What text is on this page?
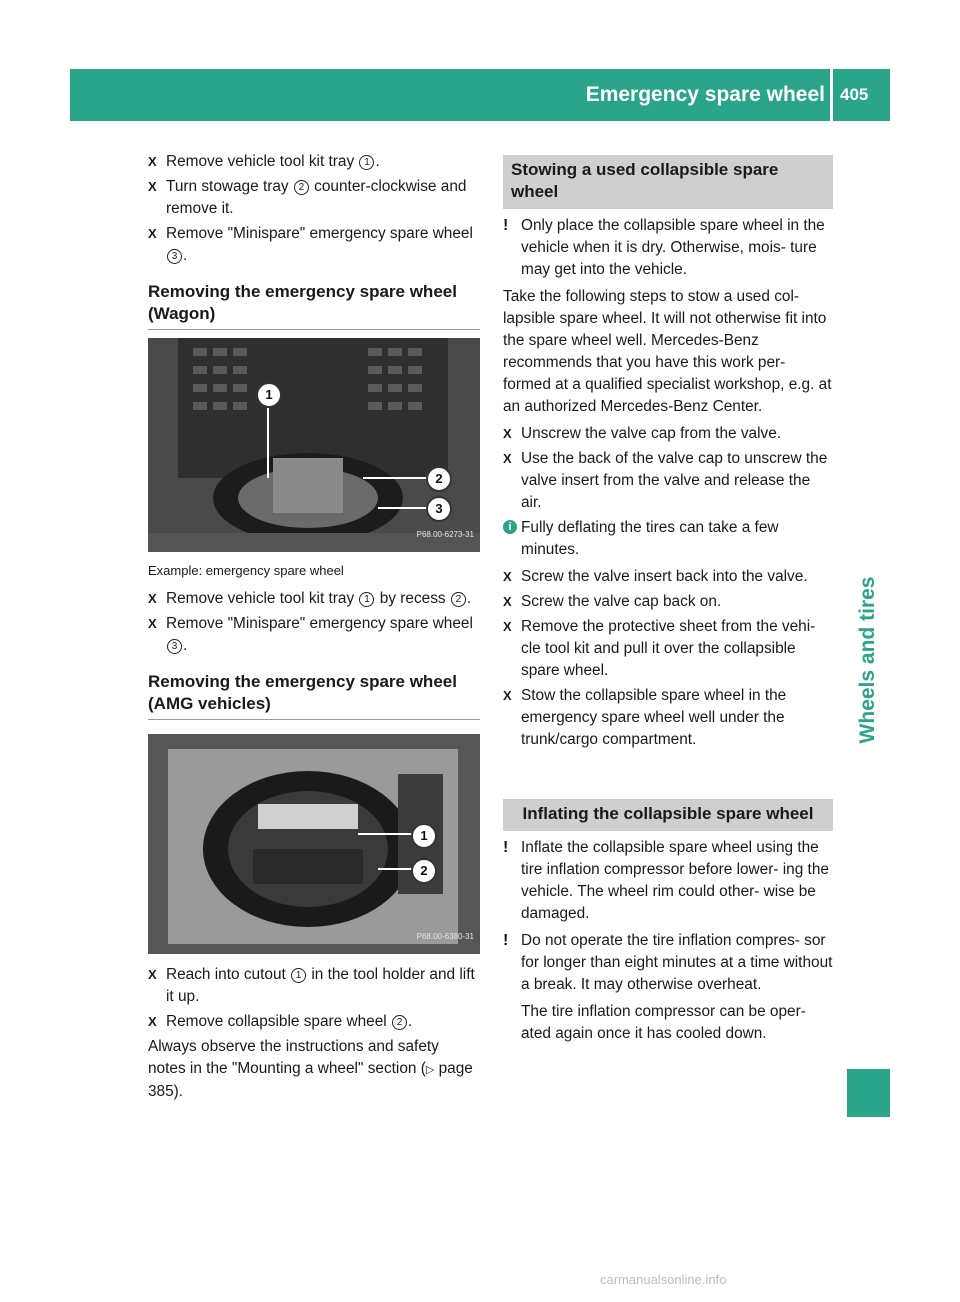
Emergency spare wheel 405
Wheels and tires
X Remove vehicle tool kit tray 1 .
X Turn stowage tray 2 counter-clockwise and remove it.
X Remove "Minispare" emergency spare wheel 3 .
Removing the emergency spare wheel (Wagon)
1
2
3
P68.00-6273-31
Example: emergency spare wheel
X Remove vehicle tool kit tray 1 by recess 2 .
X Remove "Minispare" emergency spare wheel 3 .
Removing the emergency spare wheel (AMG vehicles)
1
2
P68.00-6380-31
X Reach into cutout 1 in the tool holder and lift it up.
X Remove collapsible spare wheel 2 .

Always observe the instructions and safety notes in the "Mounting a wheel" section (▷ page 385).

Stowing a used collapsible spare wheel
! Only place the collapsible spare wheel in the vehicle when it is dry. Otherwise, mois- ture may get into the vehicle.

Take the following steps to stow a used col- lapsible spare wheel. It will not otherwise fit into the spare wheel well. Mercedes-Benz recommends that you have this work per- formed at a qualified specialist workshop, e.g. at an authorized Mercedes-Benz Center.

X Unscrew the valve cap from the valve.
X Use the back of the valve cap to unscrew the valve insert from the valve and release the air.
i Fully deflating the tires can take a few minutes.
X Screw the valve insert back into the valve.
X Screw the valve cap back on.
X Remove the protective sheet from the vehi- cle tool kit and pull it over the collapsible spare wheel.
X Stow the collapsible spare wheel in the emergency spare wheel well under the trunk/cargo compartment.
Inflating the collapsible spare wheel
! Inflate the collapsible spare wheel using the tire inflation compressor before lower- ing the vehicle. The wheel rim could other- wise be damaged.
! Do not operate the tire inflation compres- sor for longer than eight minutes at a time without a break. It may otherwise overheat.
The tire inflation compressor can be oper- ated again once it has cooled down.
carmanualsonline.info
